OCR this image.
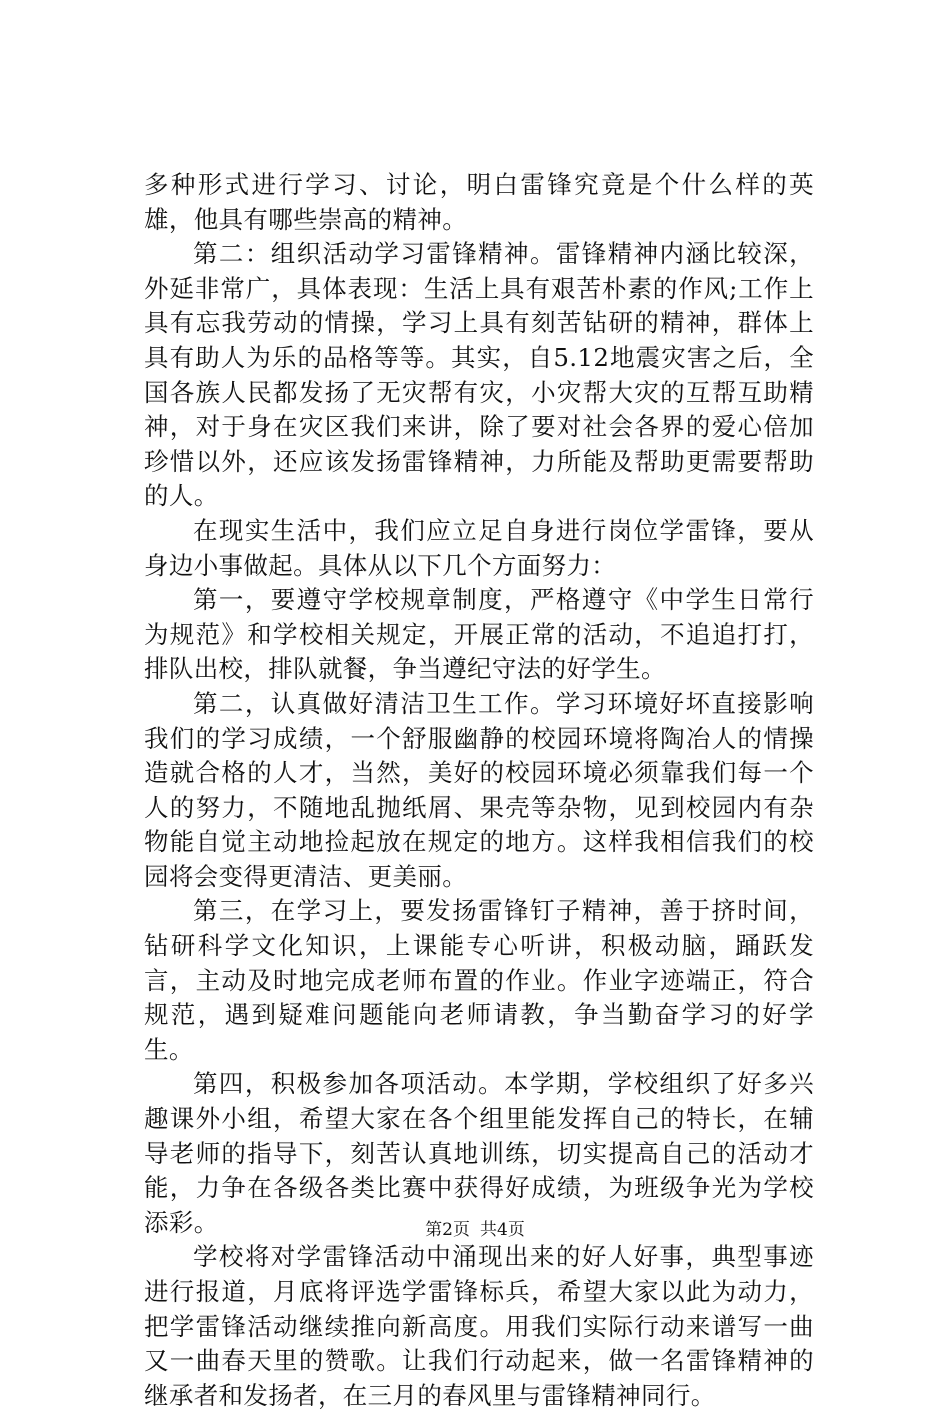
多种形式进行学习、讨论，明白雷锋究竟是个什么样的英雄，他具有哪些崇高的精神。

第二：组织活动学习雷锋精神。雷锋精神内涵比较深，外延非常广，具体表现：生活上具有艰苦朴素的作风;工作上具有忘我劳动的情操，学习上具有刻苦钻研的精神，群体上具有助人为乐的品格等等。其实，自5.12地震灾害之后，全国各族人民都发扬了无灾帮有灾，小灾帮大灾的互帮互助精神，对于身在灾区我们来讲，除了要对社会各界的爱心倍加珍惜以外，还应该发扬雷锋精神，力所能及帮助更需要帮助的人。

在现实生活中，我们应立足自身进行岗位学雷锋，要从身边小事做起。具体从以下几个方面努力：

第一，要遵守学校规章制度，严格遵守《中学生日常行为规范》和学校相关规定，开展正常的活动，不追追打打，排队出校，排队就餐，争当遵纪守法的好学生。

第二，认真做好清洁卫生工作。学习环境好坏直接影响我们的学习成绩，一个舒服幽静的校园环境将陶冶人的情操造就合格的人才，当然，美好的校园环境必须靠我们每一个人的努力，不随地乱抛纸屑、果壳等杂物，见到校园内有杂物能自觉主动地捡起放在规定的地方。这样我相信我们的校园将会变得更清洁、更美丽。

第三，在学习上，要发扬雷锋钉子精神，善于挤时间，钻研科学文化知识，上课能专心听讲，积极动脑，踊跃发言，主动及时地完成老师布置的作业。作业字迹端正，符合规范，遇到疑难问题能向老师请教，争当勤奋学习的好学生。

第四，积极参加各项活动。本学期，学校组织了好多兴趣课外小组，希望大家在各个组里能发挥自己的特长，在辅导老师的指导下，刻苦认真地训练，切实提高自己的活动才能，力争在各级各类比赛中获得好成绩，为班级争光为学校添彩。

学校将对学雷锋活动中涌现出来的好人好事，典型事迹进行报道，月底将评选学雷锋标兵，希望大家以此为动力，把学雷锋活动继续推向新高度。用我们实际行动来谱写一曲又一曲春天里的赞歌。让我们行动起来，做一名雷锋精神的继承者和发扬者，在三月的春风里与雷锋精神同行。

第2页 共4页
